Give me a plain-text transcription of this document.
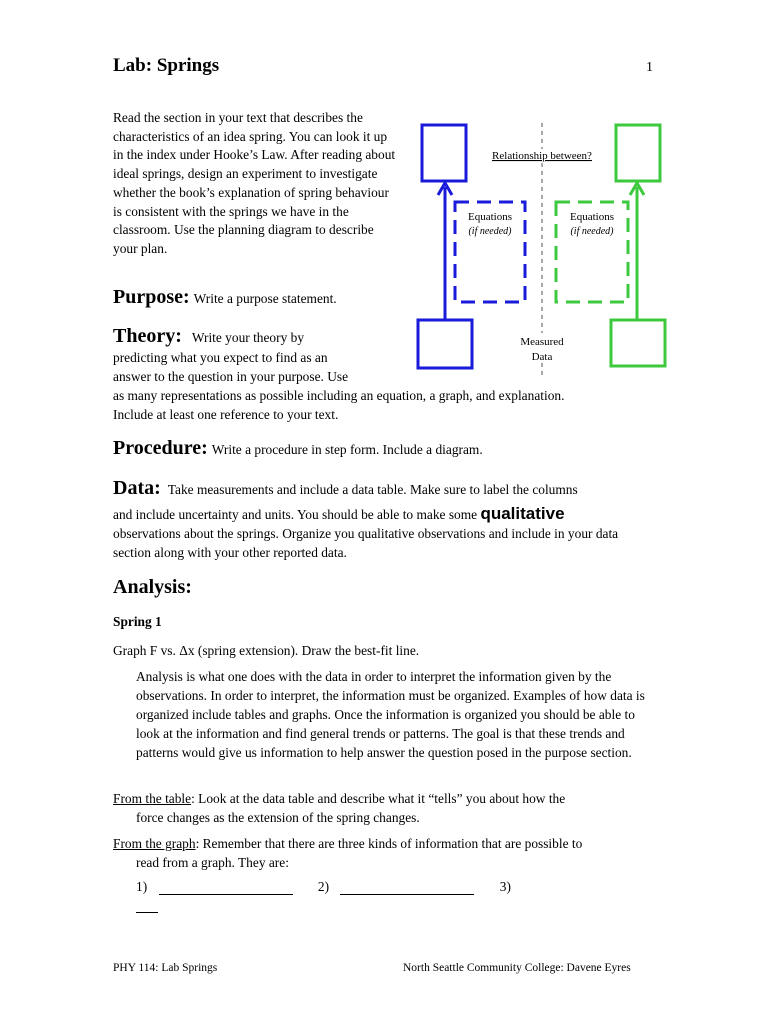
Lab: Springs	1
Read the section in your text that describes the characteristics of an idea spring. You can look it up in the index under Hooke’s Law. After reading about ideal springs, design an experiment to investigate whether the book’s explanation of spring behaviour is consistent with the springs we have in the classroom. Use the planning diagram to describe your plan.
Relationship between?
Equations
(if needed)
Equations
(if needed)
Measured
Data
Purpose: Write a purpose statement.
Theory: Write your theory by
predicting what you expect to find as an
answer to the question in your purpose. Use
as many representations as possible including an equation, a graph, and explanation.
Include at least one reference to your text.
Procedure: Write a procedure in step form. Include a diagram.
Data: Take measurements and include a data table. Make sure to label the columns
and include uncertainty and units. You should be able to make some qualitative
observations about the springs. Organize you qualitative observations and include in your data section along with your other reported data.
Analysis:
Spring 1
Graph F vs. Δx (spring extension). Draw the best-fit line.
Analysis is what one does with the data in order to interpret the information given by the observations. In order to interpret, the information must be organized. Examples of how data is organized include tables and graphs. Once the information is organized you should be able to look at the information and find general trends or patterns. The goal is that these trends and patterns would give us information to help answer the question posed in the purpose section.
From the table: Look at the data table and describe what it “tells” you about how the
force changes as the extension of the spring changes.
From the graph: Remember that there are three kinds of information that are possible to
read from a graph. They are:
1)	2)	3)
PHY 114: Lab Springs	North Seattle Community College: Davene Eyres
